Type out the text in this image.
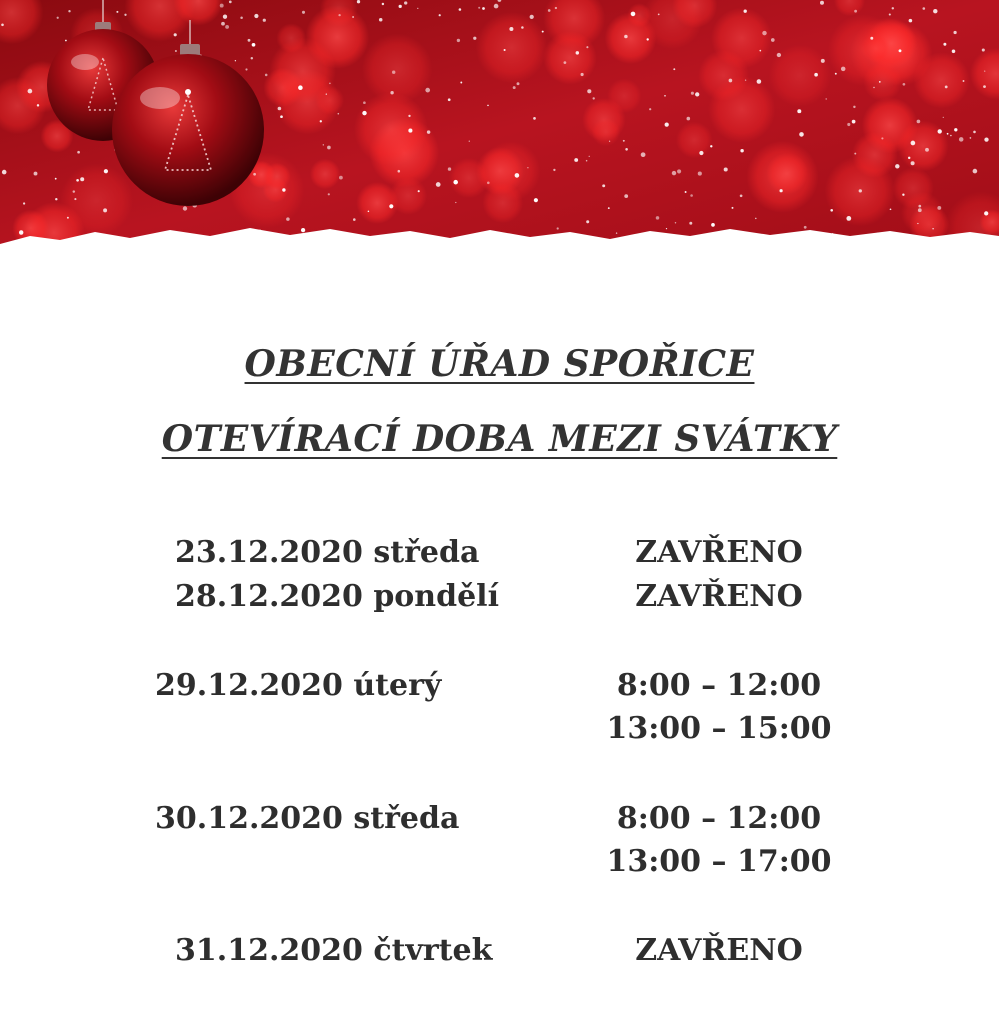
OBECNÍ ÚŘAD SPOŘICE
OTEVÍRACÍ DOBA MEZI SVÁTKY
23.12.2020 středa	ZAVŘENO
28.12.2020 pondělí	ZAVŘENO
29.12.2020 úterý	8:00 – 12:00
13:00 – 15:00
30.12.2020 středa	8:00 – 12:00
13:00 – 17:00
31.12.2020 čtvrtek	ZAVŘENO
